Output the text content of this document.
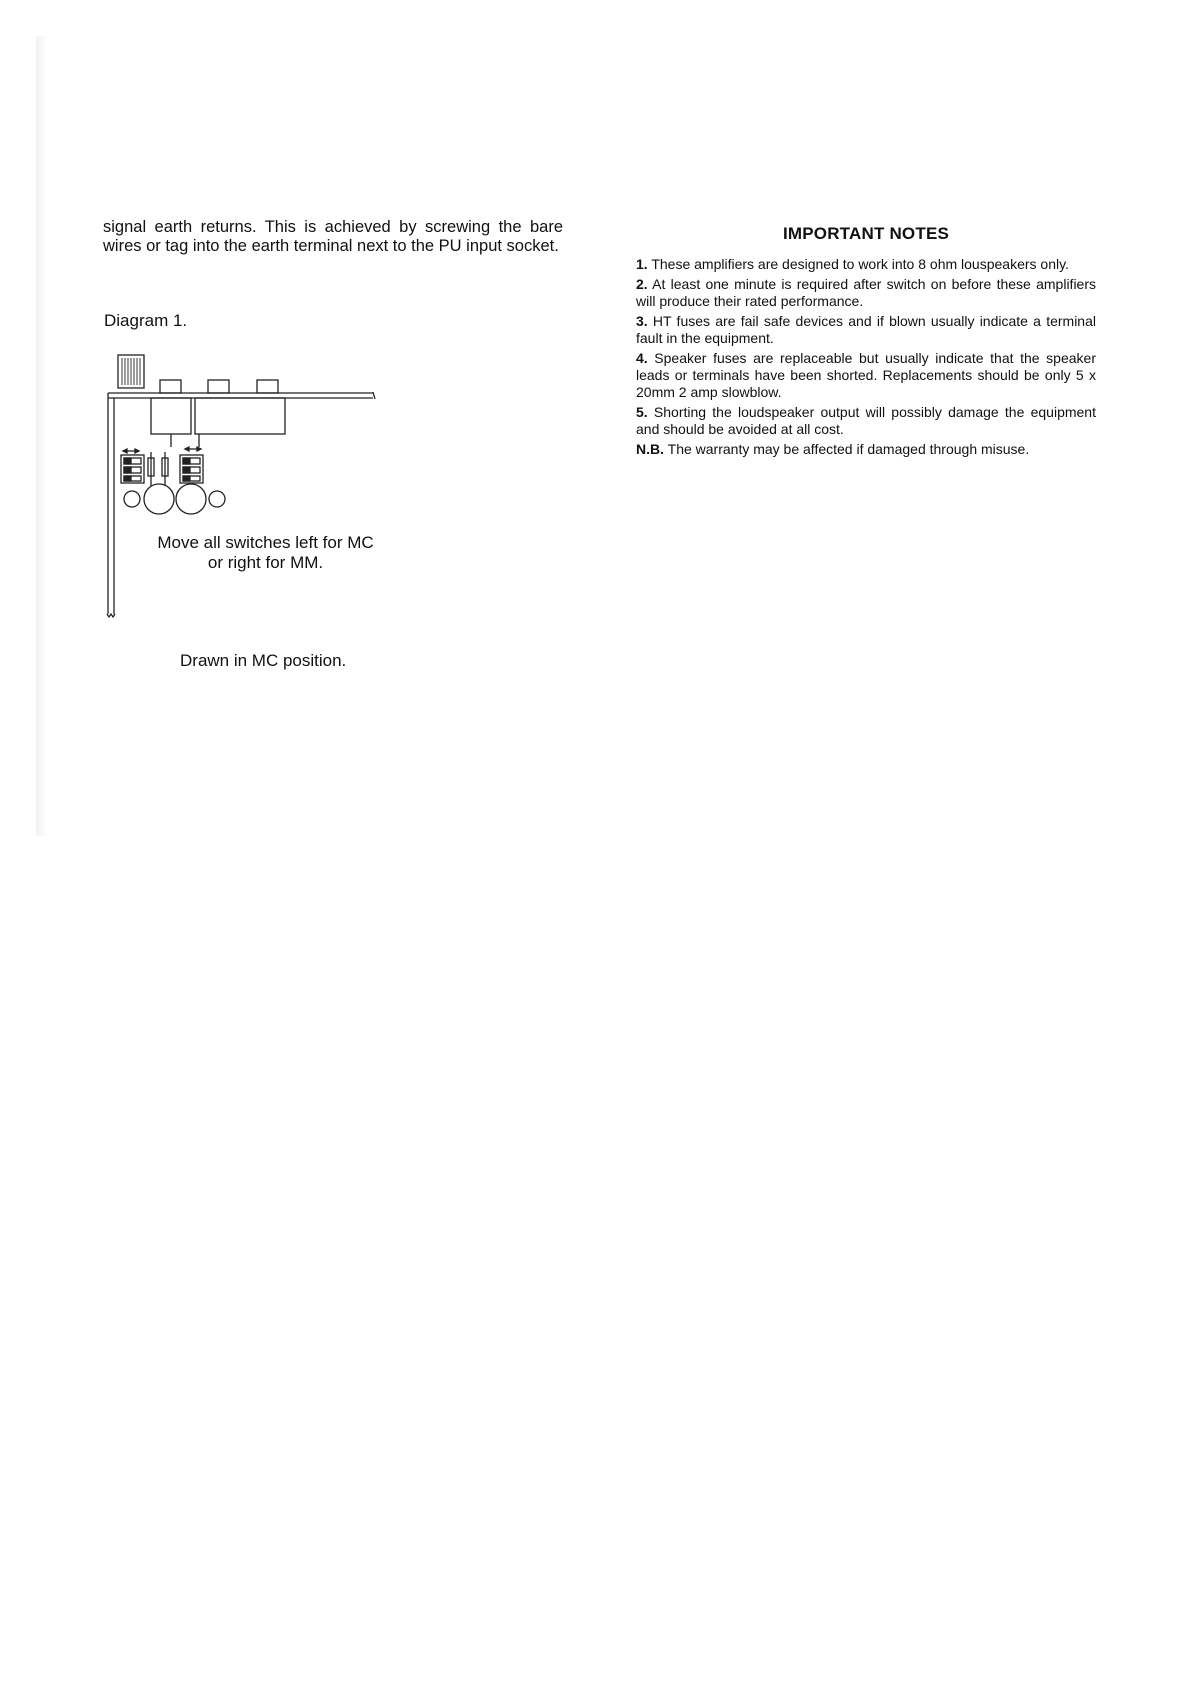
signal earth returns. This is achieved by screwing the bare wires or tag into the earth terminal next to the PU input socket.

Diagram 1.
Move all switches left for MC or right for MM.
Drawn in MC position.
IMPORTANT NOTES

1. These amplifiers are designed to work into 8 ohm louspeakers only.

2. At least one minute is required after switch on before these amplifiers will produce their rated performance.

3. HT fuses are fail safe devices and if blown usually indicate a terminal fault in the equipment.

4. Speaker fuses are replaceable but usually indicate that the speaker leads or terminals have been shorted. Replacements should be only 5 x 20mm 2 amp slowblow.

5. Shorting the loudspeaker output will possibly damage the equipment and should be avoided at all cost.

N.B. The warranty may be affected if damaged through misuse.
